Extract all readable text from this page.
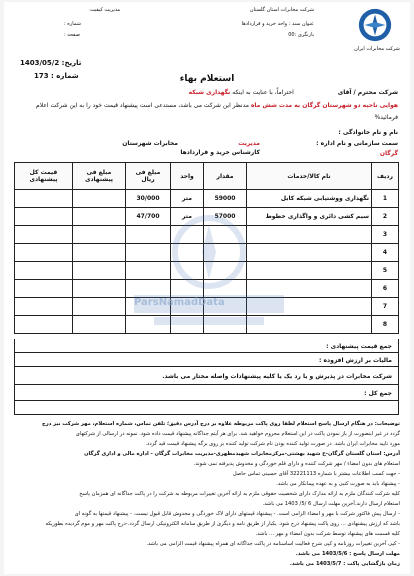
شرکت مخابرات ایران
شرکت مخابرات استان گلستان
مدیریت کیفیت
عنوان سند : واحد خرید و قراردادها
شماره :
بازنگری :00
صفحه :
تاریخ: 1403/05/2
شماره : 173	استعلام بهاء
شرکت محترم / آقای  احتراماً، با عنایت به اینکه نگهداری شبکه
هوایی ناحیه دو شهرستان گرگان به مدت شش ماه مدنظر این شرکت می باشد، مستدعی است پیشنهاد قیمت خود را به این شرکت اعلام
فرمائید%
نام و نام خانوادگی :
سمت سازمانی و نام اداره :
مدیریت
مخابرات شهرستان
گرگان
کارشناس خرید و قراردادها
ردیف	نام کالا/خدمات	مقدار	واحد	مبلغ فی ریال	مبلغ فی پیشنهادی	قیمت کل پیشنهادی
1	نگهداری ووشتیابی شبکه کابل	59000	متر	30/000		
2	سیم کشی دائری و واگذاری خطوط	57000	متر	47/700		
3						
4						
5						
6						
7						
8						
ParsNamadData
جمع قیمت پیشنهادی :
مالیات بر ارزش افزوده :
شرکت مخابرات در پذیرش و یا رد یک یا کلیه پیشنهادات واصله مختار می باشد.
جمع کل :
توضیحات: در هنگام ارسال پاسخ استعلام لطفا روی پاکت مربوطه علاوه بر درج آدرس دقیق؛ تلفن تماس، شماره استعلام، مهر شرکت نیز درج
گردد در غیر اینصورت از باز نمودن پاکت در این استعلام محروم خواهید شد. برای هر آیتم جداگانه پیشنهاد قیمت داده شود. نمونه در ارسالی از شرکتهای
مورد تایید مخابرات ایران باشد. در صورت تولید کننده بودن نام شرکت تولید کننده بر روی برگه پیشنهاد قیمت قید گردد.
آدرس: استان گلستان گرگان-خ شهید بهشتی-مرکزمخابرات شهیدمطهری-مدیریت مخابرات گرگان - اداره مالی و اداری گرگان
استعلام های بدون امضاء / مهر شرکت کننده و دارای قلم خوردگی و مخدوش پذیرفته نمی شوند.
- جهت کسب اطلاعات بیشتر با شماره 32221113 آقای حسینی تماس حاصل
- پیشنهاد باید به صورت کتبی و به عهده پیمانکار می باشد.
کلیه شرکت کنندگان ملزم به ارائه مدارک دارای شخصیت حقوقی ملزم به ارائه آخرین تغییرات مربوطه به شرکت را در پاکت جداگانه ای همزمان پاسخ
استعلام ارسال دارند.آخرین مهلت ارسال 6 /5/ 1403 می باشد.
- ارسال پیش فاکتور شرکت با مهر و امضاء الزامی است. - پیشنهاد قیمتهای دارای لاک خوردگی و مخدوش قابل قبول نیست. - پیشنهاد قیمتها به گونه ای
باشد که ارزش پیشنهادی ... روی پاکت پیشنهاد درج شود. یکبار از طریق نامه و دیگری از طریق سامانه الکترونیکی ارسال گردد.-درج پاکت مهر و موم گردیده بطوریکه
کلیه قسمت های پیشنهاد توسط شرکت بدون امضاء و مهر ... باشد.
- کپی آخرین تغییرات روزنامه و کپی شرح فعالیت اساسنامه در پاکت جداگانه ای همراه پیشنهاد قیمت الزامی می باشد.
مهلت ارسال پاسخ : 1403/5/6 می باشد.
زمان بازگشایی پاکت : 1403/5/7 می باشد.
